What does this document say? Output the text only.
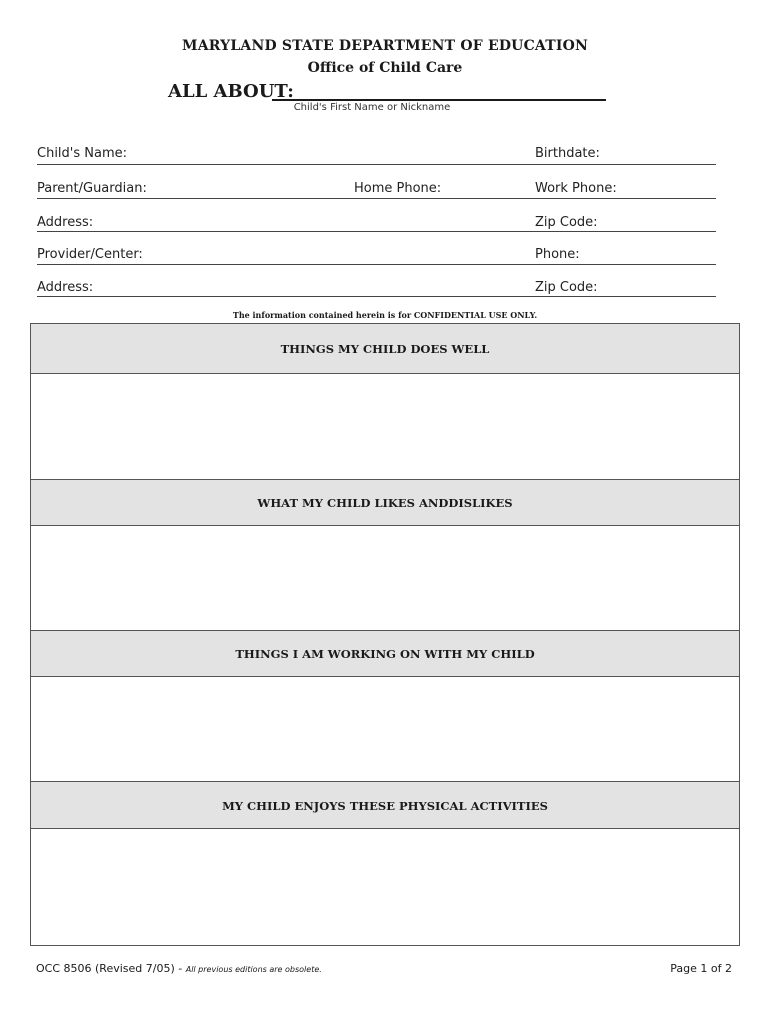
MARYLAND STATE DEPARTMENT OF EDUCATION
Office of Child Care
ALL ABOUT:
Child's First Name or Nickname
Child's Name:	Birthdate:
Parent/Guardian:	Home Phone:	Work Phone:
Address:	Zip Code:
Provider/Center:	Phone:
Address:	Zip Code:
The information contained herein is for CONFIDENTIAL USE ONLY.
THINGS MY CHILD DOES WELL
WHAT MY CHILD LIKES ANDDISLIKES
THINGS I AM WORKING ON WITH MY CHILD
MY CHILD ENJOYS THESE PHYSICAL ACTIVITIES
OCC 8506 (Revised 7/05) - All previous editions are obsolete.	Page 1 of 2
